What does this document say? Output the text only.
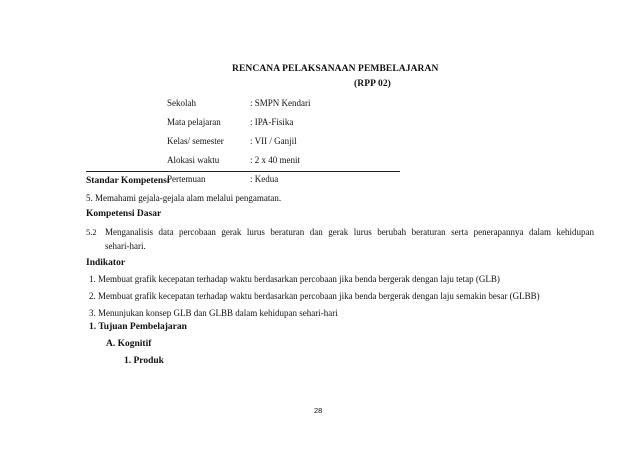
RENCANA PELAKSANAAN PEMBELAJARAN
(RPP 02)
Sekolah	: SMPN Kendari
Mata pelajaran	: IPA-Fisika
Kelas/ semester	: VII / Ganjil
Alokasi waktu	: 2 x 40 menit
Pertemuan	: Kedua
Standar Kompetensi
5. Memahami gejala-gejala alam melalui pengamatan.
Kompetensi Dasar
5.2 Menganalisis data percobaan gerak lurus beraturan dan gerak lurus berubah beraturan serta penerapannya dalam kehidupan
sehari-hari.
Indikator
1. Membuat grafik kecepatan terhadap waktu berdasarkan percobaan jika benda bergerak dengan laju tetap (GLB)
2. Membuat grafik kecepatan terhadap waktu berdasarkan percobaan jika benda bergerak dengan laju semakin besar (GLBB)
3. Menunjukan konsep GLB dan GLBB dalam kehidupan sehari-hari
1. Tujuan Pembelajaran
A. Kognitif
1. Produk
28
